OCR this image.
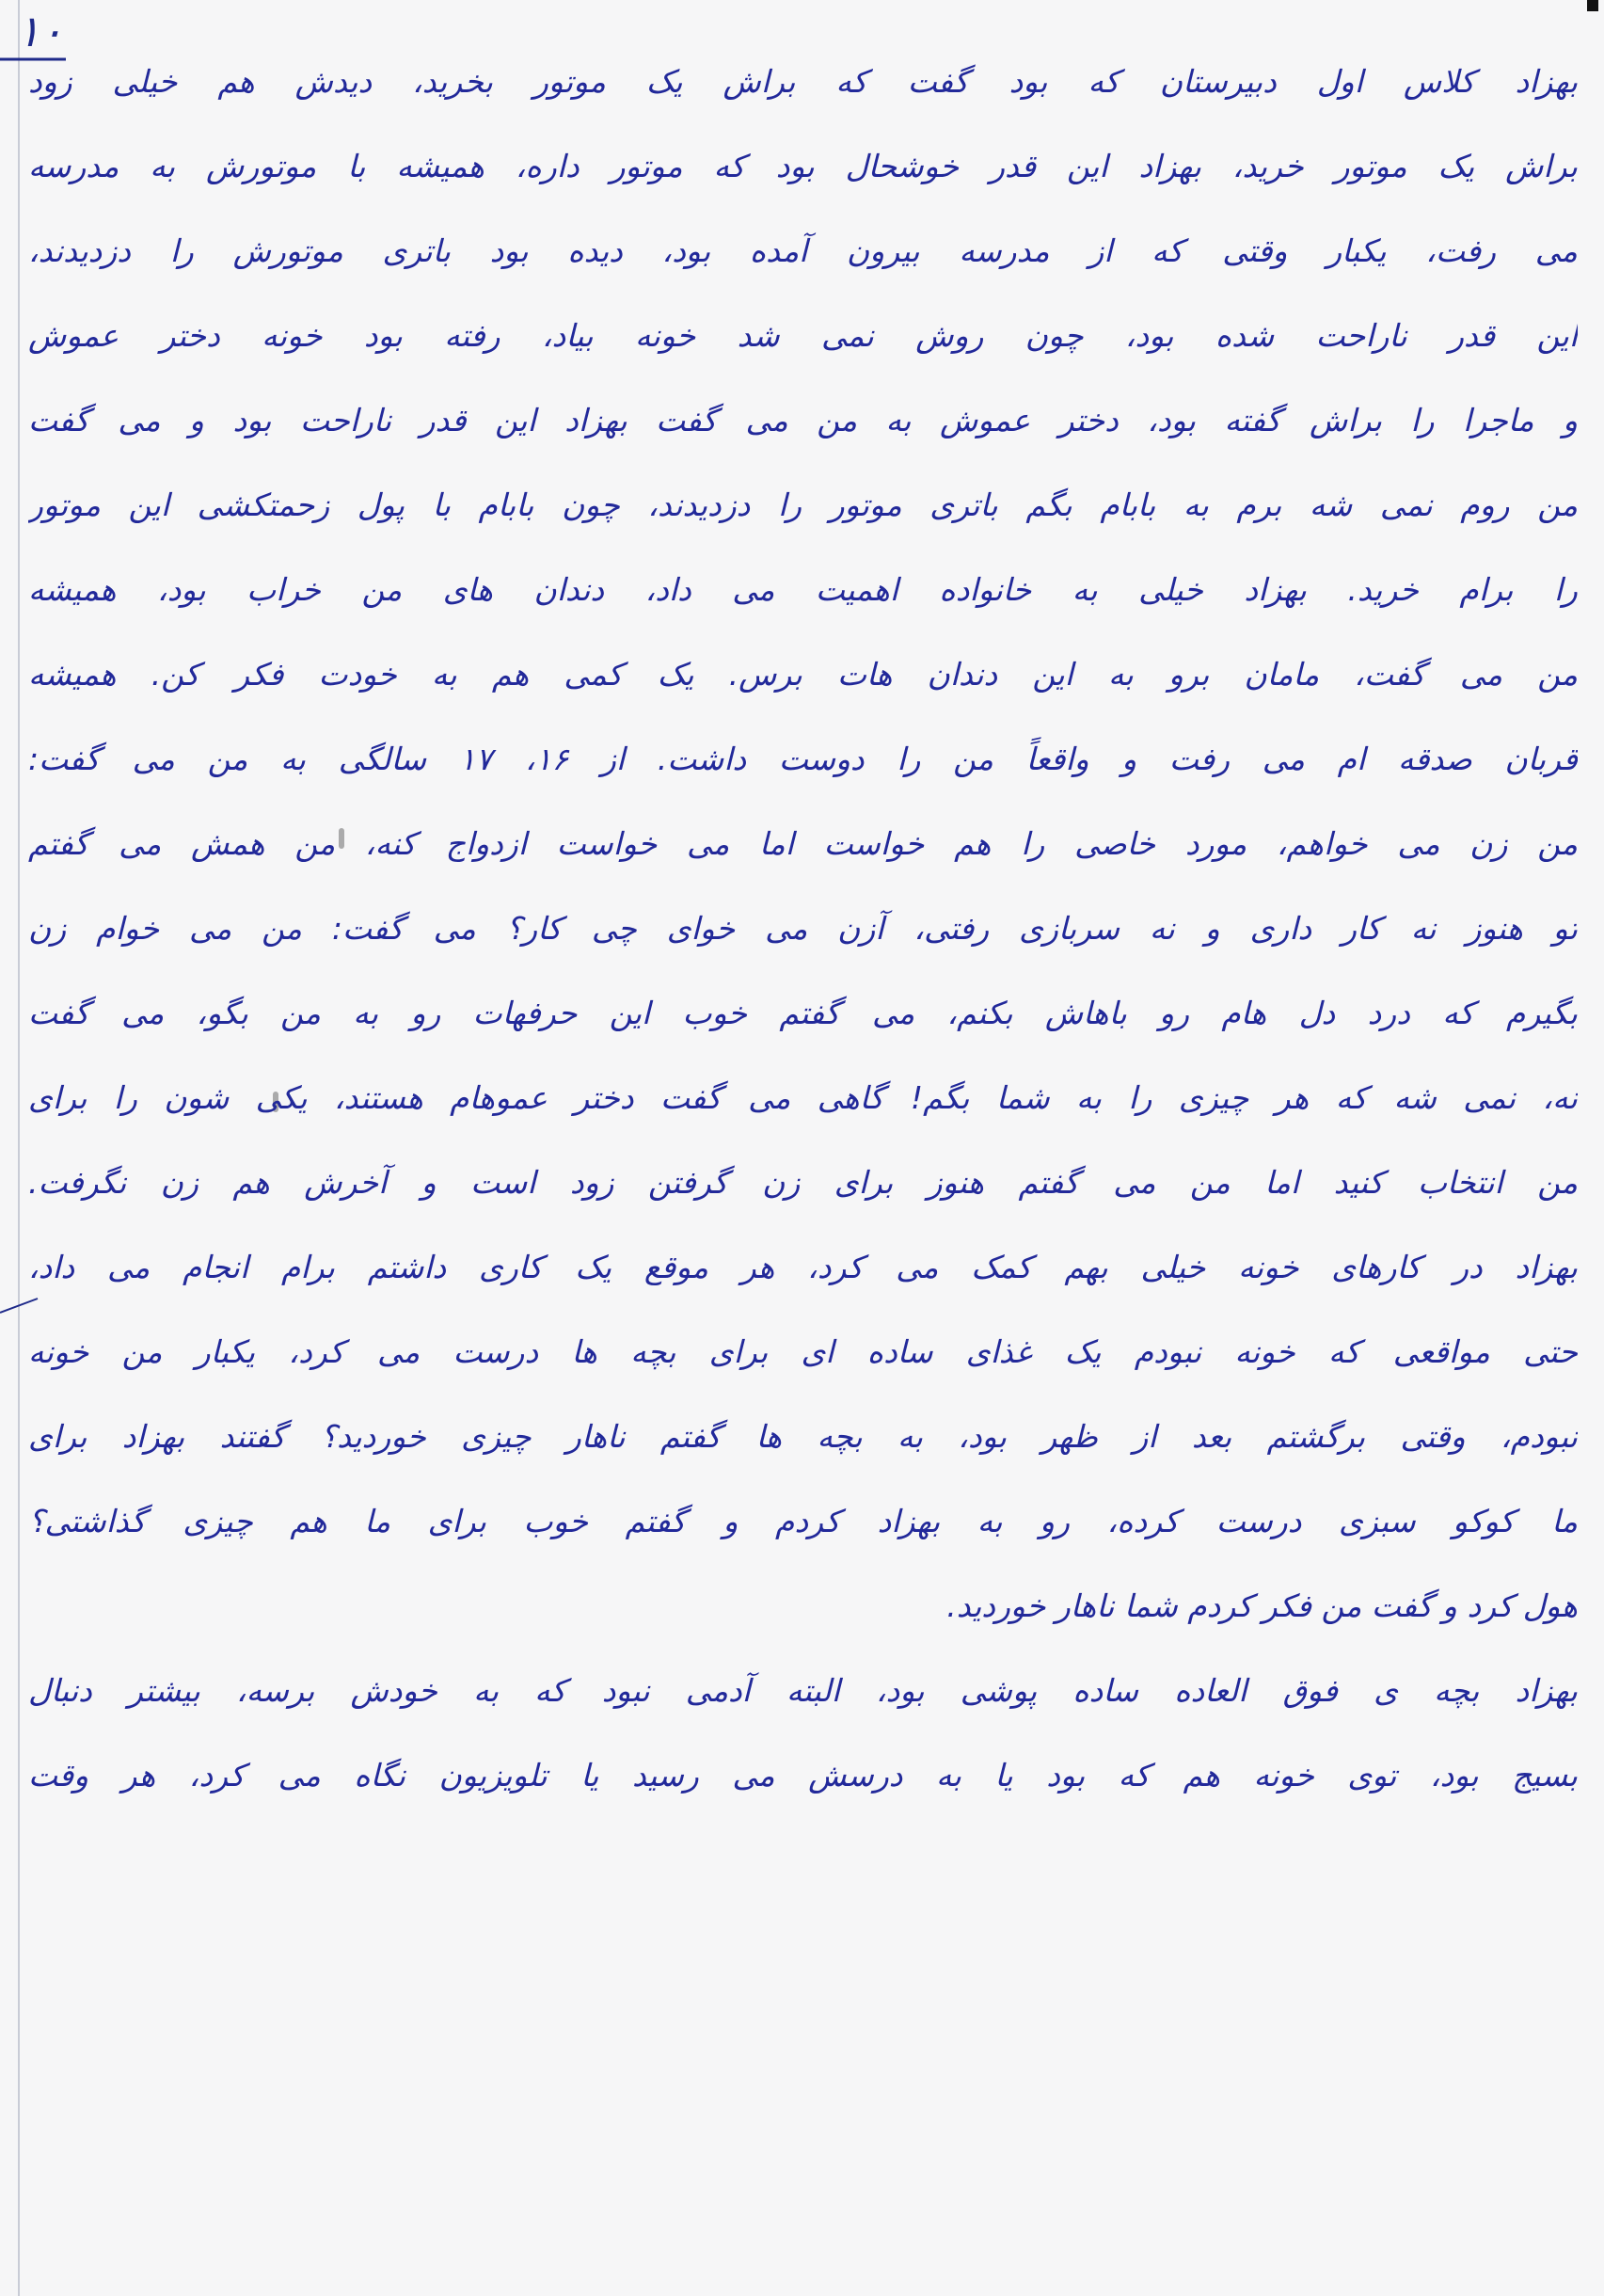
۱۰
بهزاد کلاس اول دبیرستان که بود گفت که براش یک موتور بخرید، دیدش هم خیلی زود
براش یک موتور خرید، بهزاد این قدر خوشحال بود که موتور داره، همیشه با موتورش به مدرسه
می رفت، یکبار وقتی که از مدرسه بیرون آمده بود، دیده بود باتری موتورش را دزدیدند،
این قدر ناراحت شده بود، چون روش نمی شد خونه بیاد، رفته بود خونه دختر عموش
و ماجرا را براش گفته بود، دختر عموش به من می گفت بهزاد این قدر ناراحت بود و می گفت
من روم نمی شه برم به بابام بگم باتری موتور را دزدیدند، چون بابام با پول زحمتکشی این موتور
را برام خرید. بهزاد خیلی به خانواده اهمیت می داد، دندان های من خراب بود، همیشه
من می گفت، مامان برو به این دندان هات برس. یک کمی هم به خودت فکر کن. همیشه
قربان صدقه ام می رفت و واقعاً من را دوست داشت. از ۱۶، ۱۷ سالگی به من می گفت:
من زن می خواهم، مورد خاصی را هم خواست اما می خواست ازدواج کنه، من همش می گفتم
تو هنوز نه کار داری و نه سربازی رفتی، آزن می خوای چی کار؟ می گفت: من می خوام زن
بگیرم که درد دل هام رو باهاش بکنم، می گفتم خوب این حرفهات رو به من بگو، می گفت
نه، نمی شه که هر چیزی را به شما بگم! گاهی می گفت دختر عموهام هستند، یکی شون را برای
من انتخاب کنید اما من می گفتم هنوز برای زن گرفتن زود است و آخرش هم زن نگرفت.
بهزاد در کارهای خونه خیلی بهم کمک می کرد، هر موقع یک کاری داشتم برام انجام می داد،
حتی مواقعی که خونه نبودم یک غذای ساده ای برای بچه ها درست می کرد، یکبار من خونه
نبودم، وقتی برگشتم بعد از ظهر بود، به بچه ها گفتم ناهار چیزی خوردید؟ گفتند بهزاد برای
ما کوکو سبزی درست کرده، رو به بهزاد کردم و گفتم خوب برای ما هم چیزی گذاشتی؟
هول کرد و گفت من فکر کردم شما ناهار خوردید.
بهزاد بچه ی فوق العاده ساده پوشی بود، البته آدمی نبود که به خودش برسه، بیشتر دنبال
بسیج بود، توی خونه هم که بود یا به درسش می رسید یا تلویزیون نگاه می کرد، هر وقت
